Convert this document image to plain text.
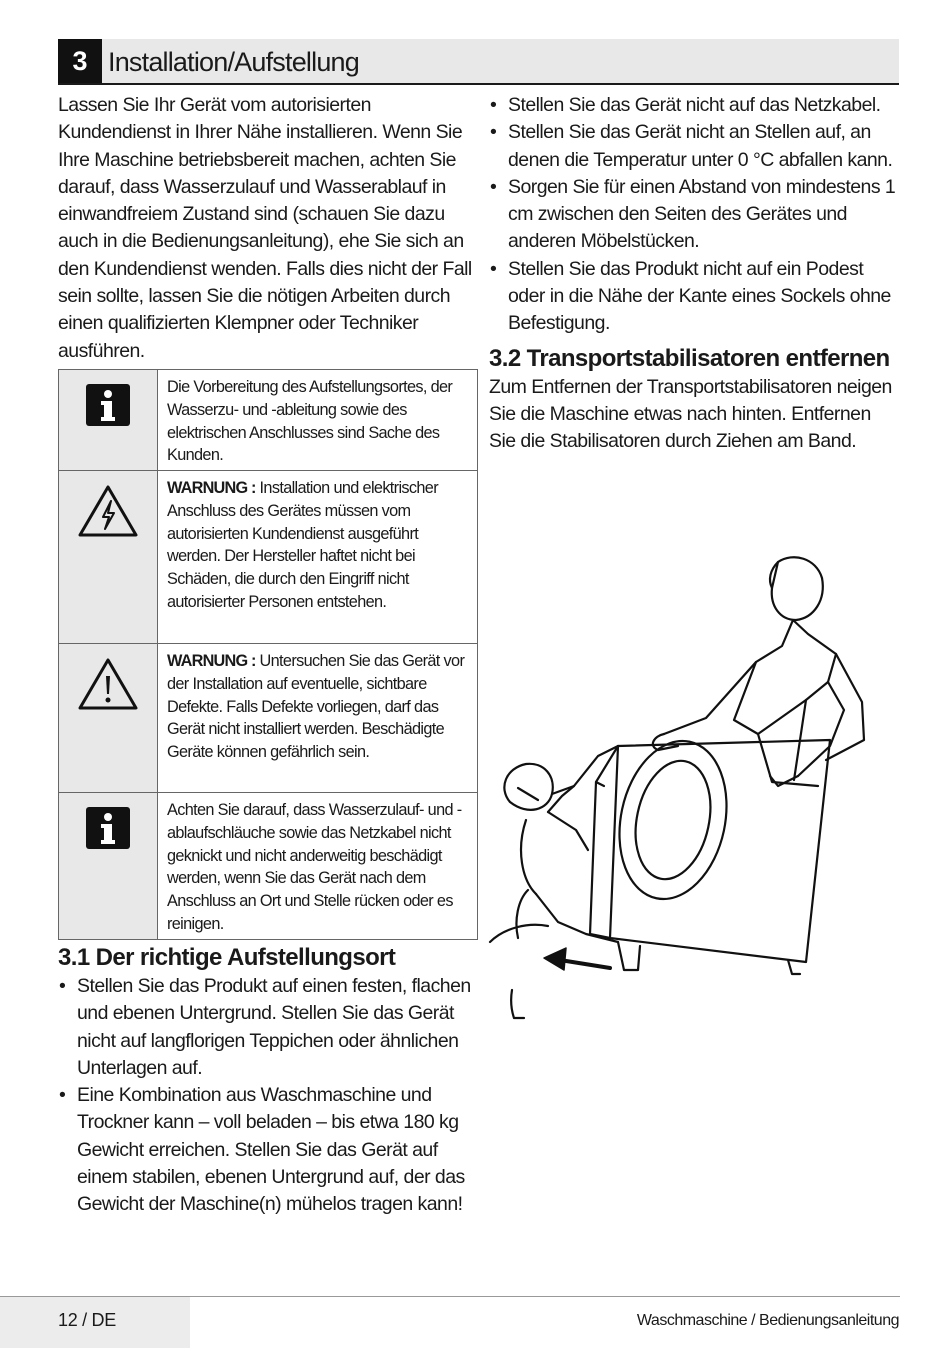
3 Installation/Aufstellung

Lassen Sie Ihr Gerät vom autorisierten Kundendienst in Ihrer Nähe installieren. Wenn Sie Ihre Maschine betriebsbereit machen, achten Sie darauf, dass Wasserzulauf und Wasserablauf in einwandfreiem Zustand sind (schauen Sie dazu auch in die Bedienungsanleitung), ehe Sie sich an den Kundendienst wenden. Falls dies nicht der Fall sein sollte, lassen Sie die nötigen Arbeiten durch einen qualifizierten Klempner oder Techniker ausführen.

Die Vorbereitung des Aufstellungsortes, der Wasserzu- und -ableitung sowie des elektrischen Anschlusses sind Sache des Kunden.
WARNUNG : Installation und elektrischer Anschluss des Gerätes müssen vom autorisierten Kundendienst ausgeführt werden. Der Hersteller haftet nicht bei Schäden, die durch den Eingriff nicht autorisierter Personen entstehen.
WARNUNG : Untersuchen Sie das Gerät vor der Installation auf eventuelle, sichtbare Defekte. Falls Defekte vorliegen, darf das Gerät nicht installiert werden. Beschädigte Geräte können gefährlich sein.
Achten Sie darauf, dass Wasserzulauf- und -ablaufschläuche sowie das Netzkabel nicht geknickt und nicht anderweitig beschädigt werden, wenn Sie das Gerät nach dem Anschluss an Ort und Stelle rücken oder es reinigen.
3.1 Der richtige Aufstellungsort
• Stellen Sie das Produkt auf einen festen, flachen und ebenen Untergrund. Stellen Sie das Gerät nicht auf langflorigen Teppichen oder ähnlichen Unterlagen auf.
• Eine Kombination aus Waschmaschine und Trockner kann – voll beladen – bis etwa 180 kg Gewicht erreichen. Stellen Sie das Gerät auf einem stabilen, ebenen Untergrund auf, der das Gewicht der Maschine(n) mühelos tragen kann!
• Stellen Sie das Gerät nicht auf das Netzkabel.
• Stellen Sie das Gerät nicht an Stellen auf, an denen die Temperatur unter 0 °C abfallen kann.
• Sorgen Sie für einen Abstand von mindestens 1 cm zwischen den Seiten des Gerätes und anderen Möbelstücken.
• Stellen Sie das Produkt nicht auf ein Podest oder in die Nähe der Kante eines Sockels ohne Befestigung.
3.2 Transportstabilisatoren entfernen

Zum Entfernen der Transportstabilisatoren neigen Sie die Maschine etwas nach hinten. Entfernen Sie die Stabilisatoren durch Ziehen am Band.

12 / DE	Waschmaschine / Bedienungsanleitung
